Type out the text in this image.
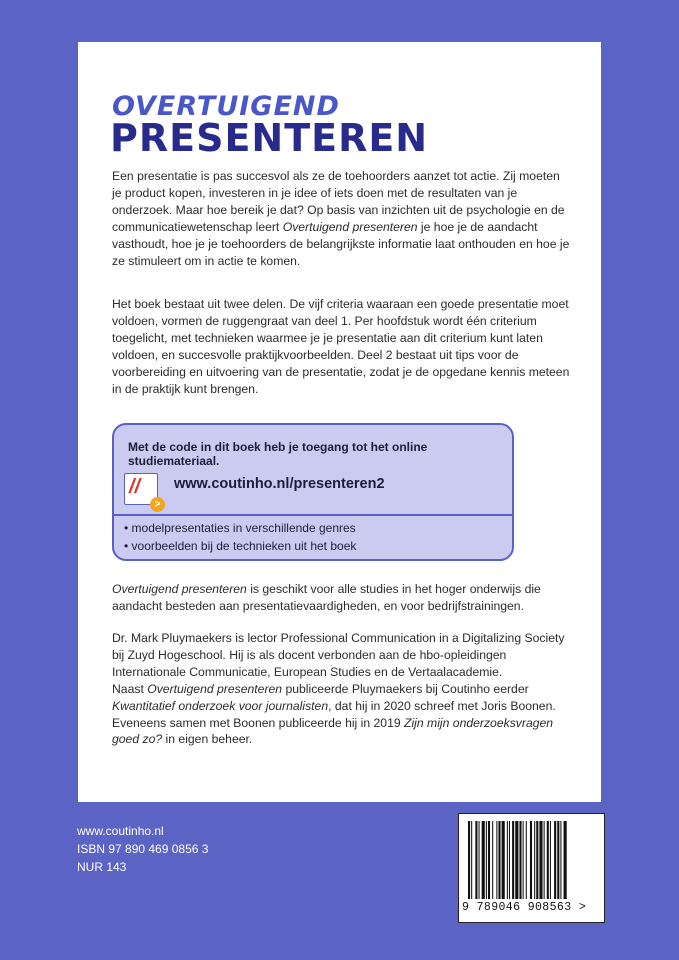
OVERTUIGEND
PRESENTEREN

Een presentatie is pas succesvol als ze de toehoorders aanzet tot actie. Zij moeten je product kopen, investeren in je idee of iets doen met de resultaten van je onderzoek. Maar hoe bereik je dat? Op basis van inzichten uit de psychologie en de communicatiewetenschap leert Overtuigend presenteren je hoe je de aandacht vasthoudt, hoe je je toehoorders de belangrijkste informatie laat onthouden en hoe je ze stimuleert om in actie te komen.

Het boek bestaat uit twee delen. De vijf criteria waaraan een goede presentatie moet voldoen, vormen de ruggengraat van deel 1. Per hoofdstuk wordt één criterium toegelicht, met technieken waarmee je je presentatie aan dit criterium kunt laten voldoen, en succesvolle praktijkvoorbeelden. Deel 2 bestaat uit tips voor de voorbereiding en uitvoering van de presentatie, zodat je de opgedane kennis meteen in de praktijk kunt brengen.

Met de code in dit boek heb je toegang tot het online studiemateriaal.
//
>
www.coutinho.nl/presenteren2
• modelpresentaties in verschillende genres
• voorbeelden bij de technieken uit het boek

Overtuigend presenteren is geschikt voor alle studies in het hoger onderwijs die aandacht besteden aan presentatievaardigheden, en voor bedrijfstrainingen.

Dr. Mark Pluymaekers is lector Professional Communication in a Digitalizing Society bij Zuyd Hogeschool. Hij is als docent verbonden aan de hbo-opleidingen Internationale Communicatie, European Studies en de Vertaalacademie.
Naast Overtuigend presenteren publiceerde Pluymaekers bij Coutinho eerder Kwantitatief onderzoek voor journalisten, dat hij in 2020 schreef met Joris Boonen.
Eveneens samen met Boonen publiceerde hij in 2019 Zijn mijn onderzoeksvragen goed zo? in eigen beheer.

www.coutinho.nl
ISBN 97 890 469 0856 3
NUR 143
9 789046 908563 >
